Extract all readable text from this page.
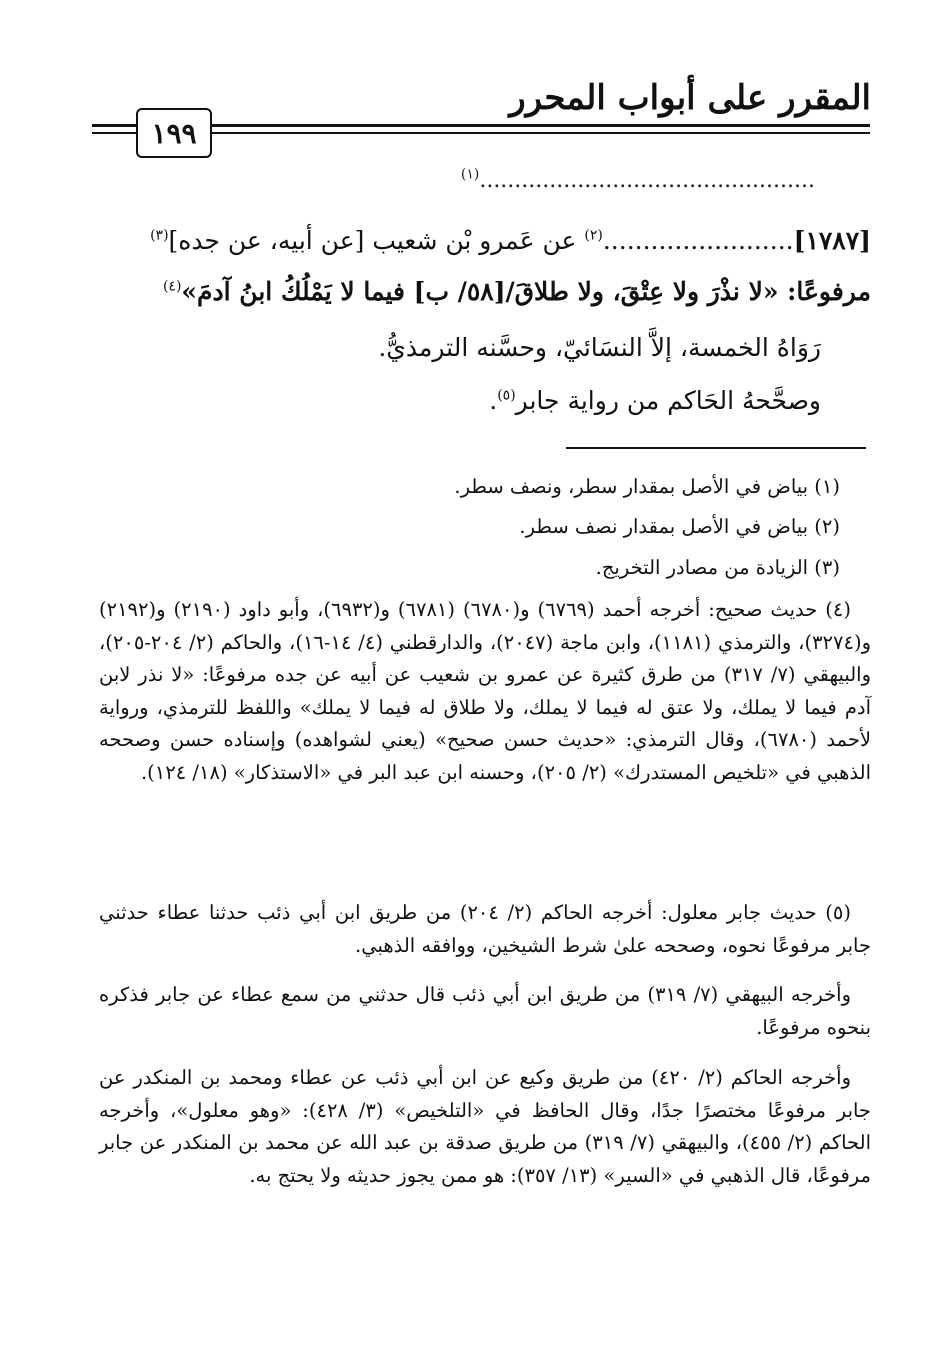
المقرر على أبواب المحرر
١٩٩
................................................$^{(١)}$
[١٧٨٧]........................$^{(٢)}$ عن عَمرو بْن شعيب [عن أبيه، عن جده]$^{(٣)}$
مرفوعًا: «لا نذْرَ ولا عِتْقَ، ولا طلاقَ/[٥٨/ ب] فيما لا يَمْلُكُ ابنُ آدمَ»$^{(٤)}$
رَوَاهُ الخمسة، إلاَّ النسَائيّ، وحسَّنه الترمذيُّ.
وصحَّحهُ الحَاكم من رواية جابر$^{(٥)}$.
(١) بياض في الأصل بمقدار سطر، ونصف سطر.
(٢) بياض في الأصل بمقدار نصف سطر.
(٣) الزيادة من مصادر التخريج.
(٤) حديث صحيح: أخرجه أحمد (٦٧٦٩) و(٦٧٨٠) (٦٧٨١) و(٦٩٣٢)، وأبو داود (٢١٩٠) و(٢١٩٢) و(٣٢٧٤)، والترمذي (١١٨١)، وابن ماجة (٢٠٤٧)، والدارقطني (٤/ ١٤-١٦)، والحاكم (٢/ ٢٠٤-٢٠٥)، والبيهقي (٧/ ٣١٧) من طرق كثيرة عن عمرو بن شعيب عن أبيه عن جده مرفوعًا: «لا نذر لابن آدم فيما لا يملك، ولا عتق له فيما لا يملك، ولا طلاق له فيما لا يملك» واللفظ للترمذي، ورواية لأحمد (٦٧٨٠)، وقال الترمذي: «حديث حسن صحيح» (يعني لشواهده) وإسناده حسن وصححه الذهبي في «تلخيص المستدرك» (٢/ ٢٠٥)، وحسنه ابن عبد البر في «الاستذكار» (١٨/ ١٢٤).
(٥) حديث جابر معلول: أخرجه الحاكم (٢/ ٢٠٤) من طريق ابن أبي ذئب حدثنا عطاء حدثني جابر مرفوعًا نحوه، وصححه علىٰ شرط الشيخين، ووافقه الذهبي.
وأخرجه البيهقي (٧/ ٣١٩) من طريق ابن أبي ذئب قال حدثني من سمع عطاء عن جابر فذكره بنحوه مرفوعًا.
وأخرجه الحاكم (٢/ ٤٢٠) من طريق وكيع عن ابن أبي ذئب عن عطاء ومحمد بن المنكدر عن جابر مرفوعًا مختصرًا جدًا، وقال الحافظ في «التلخيص» (٣/ ٤٢٨): «وهو معلول»، وأخرجه الحاكم (٢/ ٤٥٥)، والبيهقي (٧/ ٣١٩) من طريق صدقة بن عبد الله عن محمد بن المنكدر عن جابر مرفوعًا، قال الذهبي في «السير» (١٣/ ٣٥٧): هو ممن يجوز حديثه ولا يحتج به.
